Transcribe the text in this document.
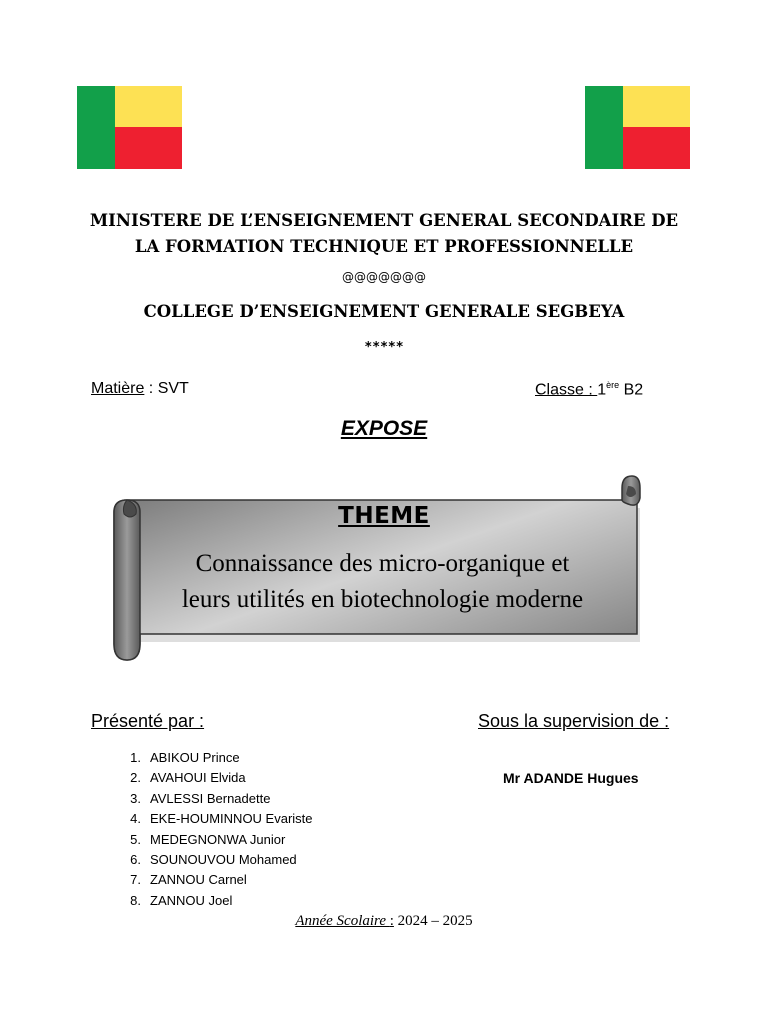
MINISTERE DE L’ENSEIGNEMENT GENERAL SECONDAIRE DE
LA FORMATION TECHNIQUE ET PROFESSIONNELLE
@@@@@@@
COLLEGE D’ENSEIGNEMENT GENERALE SEGBEYA
*****
Matière : SVT	Classe : 1ère B2
EXPOSE
THEME
Connaissance des micro-organique et
leurs utilités en biotechnologie moderne
Présenté par :	Sous la supervision de :
Mr ADANDE Hugues
1. ABIKOU Prince
2. AVAHOUI Elvida
3. AVLESSI Bernadette
4. EKE-HOUMINNOU Evariste
5. MEDEGNONWA Junior
6. SOUNOUVOU Mohamed
7. ZANNOU Carnel
8. ZANNOU Joel
Année Scolaire : 2024 – 2025
